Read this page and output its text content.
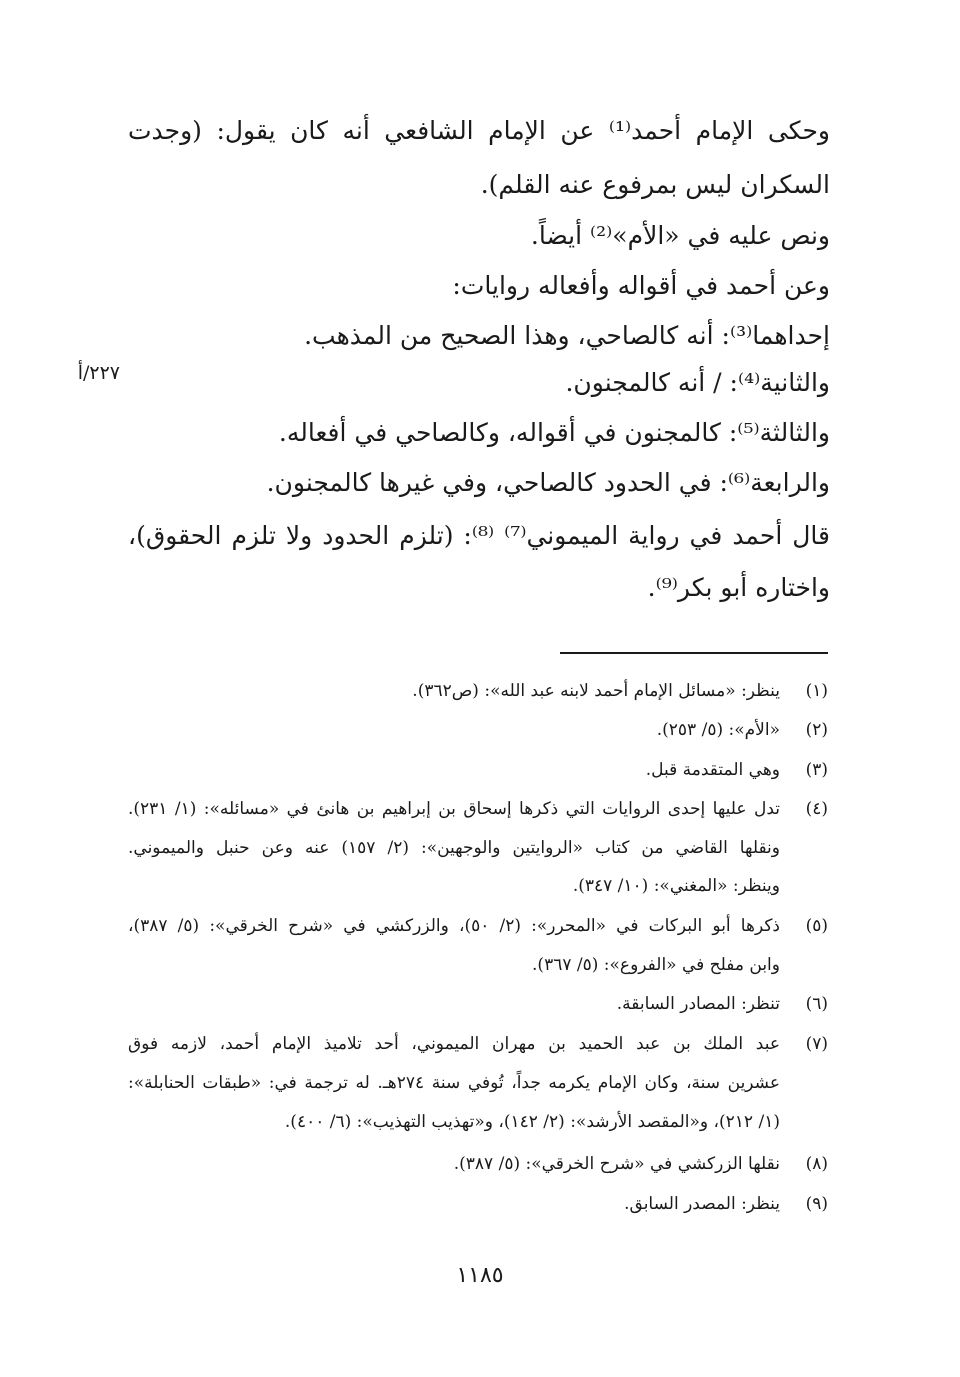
وحكى الإمام أحمد⁽¹⁾ عن الإمام الشافعي أنه كان يقول: (وجدت
السكران ليس بمرفوع عنه القلم).
ونص عليه في «الأم»⁽²⁾ أيضاً.
وعن أحمد في أقواله وأفعاله روايات:
إحداهما⁽³⁾: أنه كالصاحي، وهذا الصحيح من المذهب.
والثانية⁽⁴⁾: / أنه كالمجنون.
والثالثة⁽⁵⁾: كالمجنون في أقواله، وكالصاحي في أفعاله.
والرابعة⁽⁶⁾: في الحدود كالصاحي، وفي غيرها كالمجنون.
قال أحمد في رواية الميموني⁽⁷⁾ ⁽⁸⁾: (تلزم الحدود ولا تلزم الحقوق)،
واختاره أبو بكر⁽⁹⁾.
٢٢٧/أ
(١)
ينظر: «مسائل الإمام أحمد لابنه عبد الله»: (ص٣٦٢).
(٢)
«الأم»: (٥/ ٢٥٣).
(٣)
وهي المتقدمة قبل.
(٤)
تدل عليها إحدى الروايات التي ذكرها إسحاق بن إبراهيم بن هانئ في «مسائله»: (١/ ٢٣١).
ونقلها القاضي من كتاب «الروايتين والوجهين»: (٢/ ١٥٧) عنه وعن حنبل والميموني.
وينظر: «المغني»: (١٠/ ٣٤٧).
(٥)
ذكرها أبو البركات في «المحرر»: (٢/ ٥٠)، والزركشي في «شرح الخرقي»: (٥/ ٣٨٧)،
وابن مفلح في «الفروع»: (٥/ ٣٦٧).
(٦)
تنظر: المصادر السابقة.
(٧)
عبد الملك بن عبد الحميد بن مهران الميموني، أحد تلاميذ الإمام أحمد، لازمه فوق
عشرين سنة، وكان الإمام يكرمه جداً، تُوفي سنة ٢٧٤هـ. له ترجمة في: «طبقات الحنابلة»:
(١/ ٢١٢)، و«المقصد الأرشد»: (٢/ ١٤٢)، و«تهذيب التهذيب»: (٦/ ٤٠٠).
(٨)
نقلها الزركشي في «شرح الخرقي»: (٥/ ٣٨٧).
(٩)
ينظر: المصدر السابق.
١١٨٥
